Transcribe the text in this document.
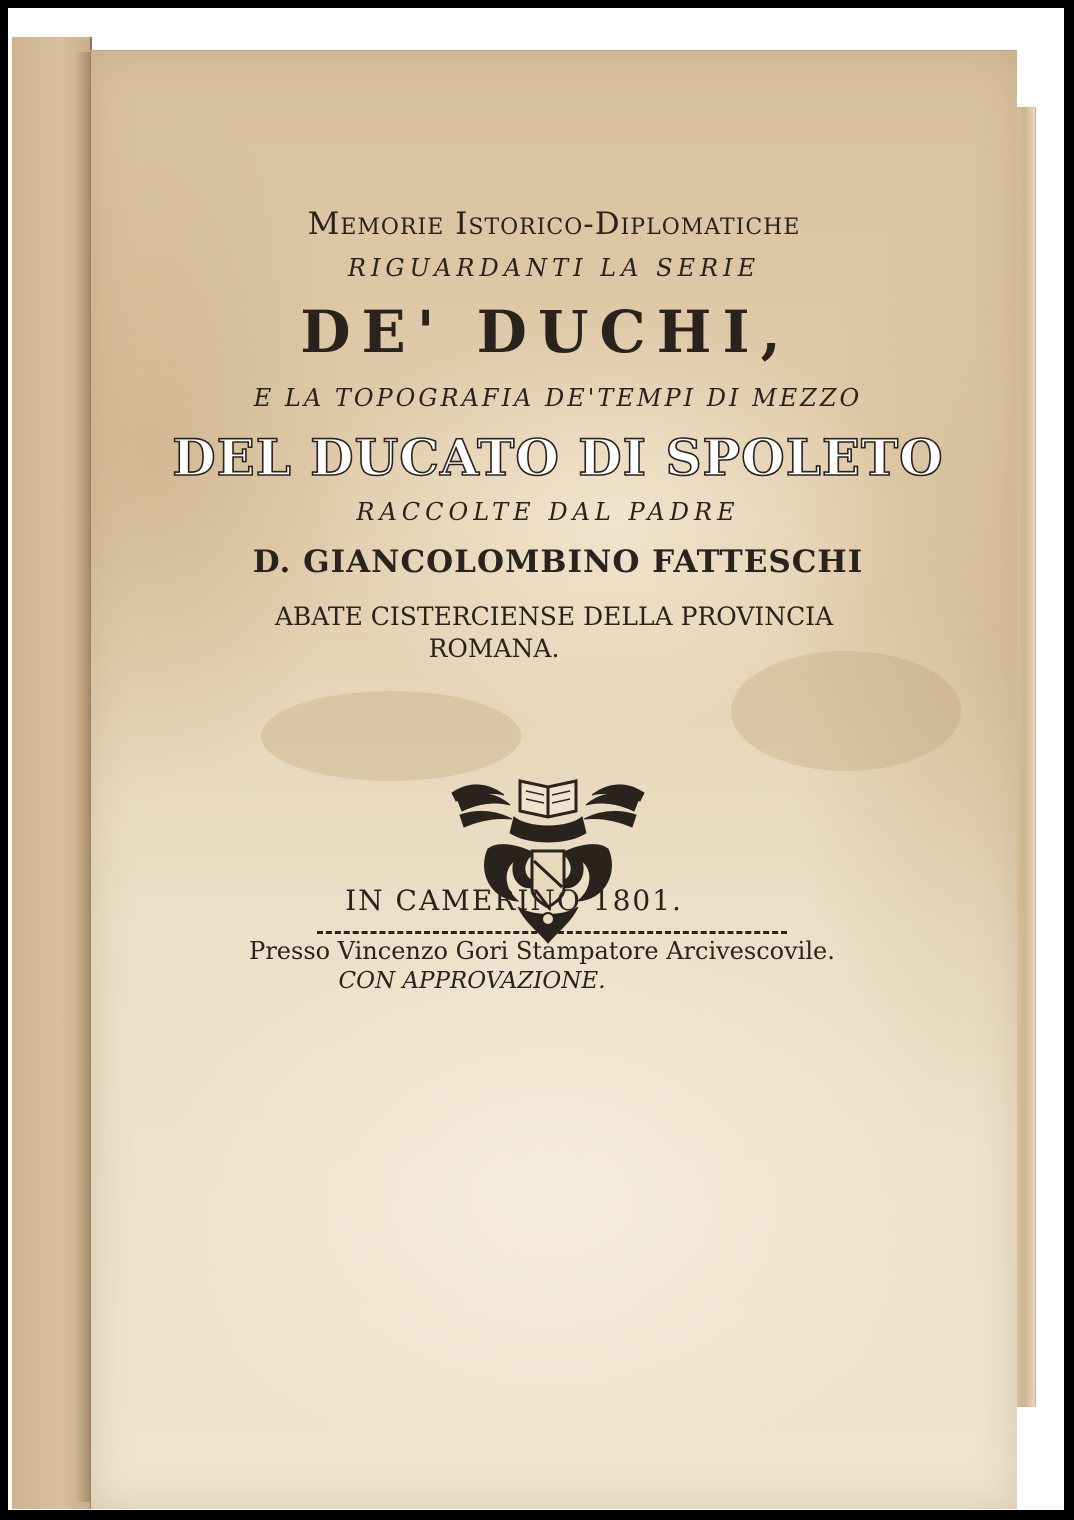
Memorie Istorico-Diplomatiche
RIGUARDANTI LA SERIE
DE' DUCHI,
E LA TOPOGRAFIA DE'TEMPI DI MEZZO
DEL DUCATO DI SPOLETO
RACCOLTE DAL PADRE
D. GIANCOLOMBINO FATTESCHI
ABATE CISTERCIENSE DELLA PROVINCIA
ROMANA.
IN CAMERINO 1801.
Presso Vincenzo Gori Stampatore Arcivescovile.
CON APPROVAZIONE.
